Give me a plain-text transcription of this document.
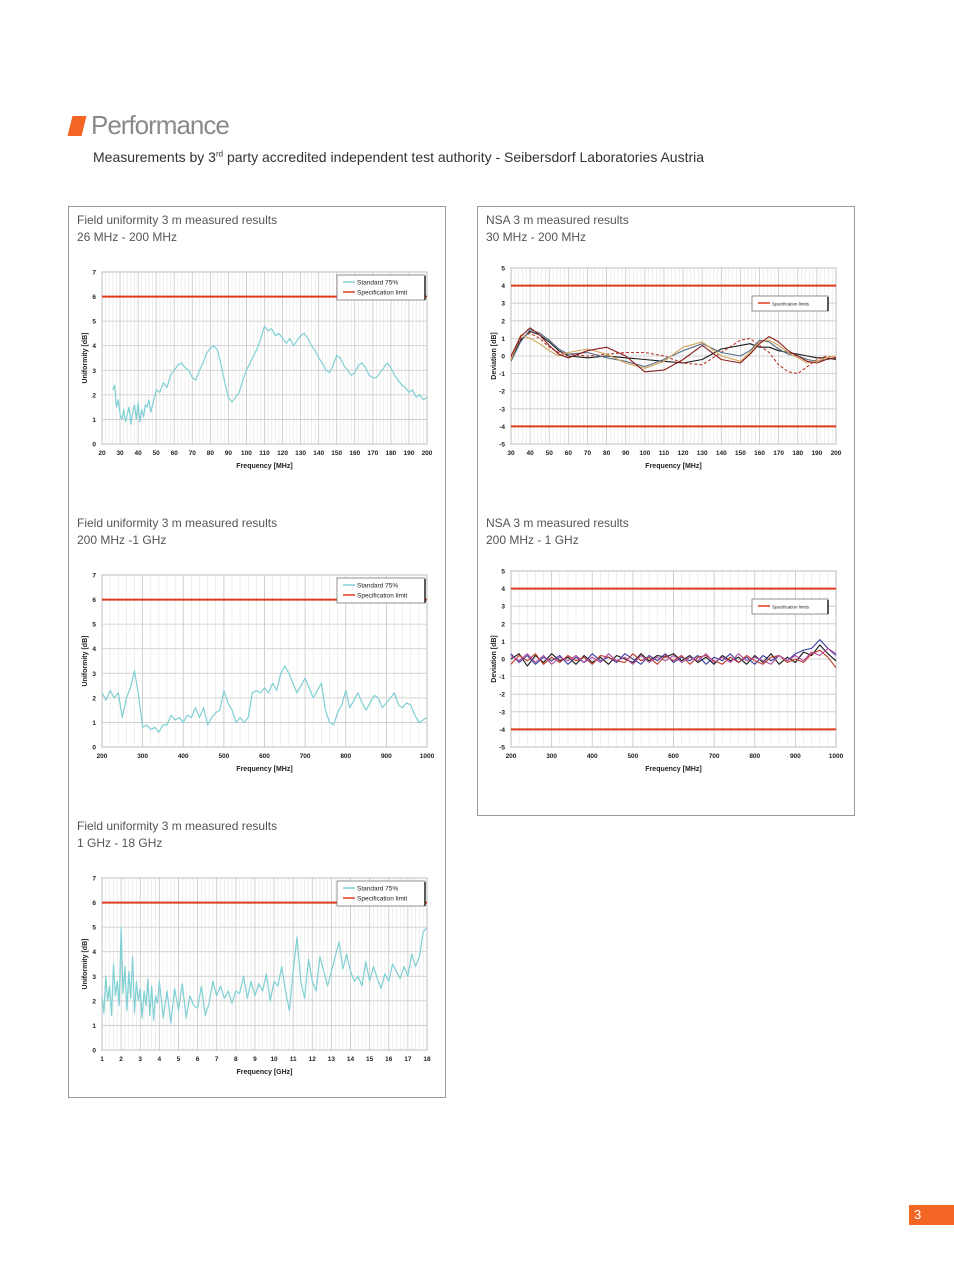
Performance
Measurements by 3rd party accredited independent test authority - Seibersdorf Laboratories Austria
Field uniformity 3 m measured results
26 MHz - 200 MHz
20 30 40 50 60 70 80 90 100 110 120 130 140 150 160 170 180 190 200
0
1
2
3
4
5
6
7
Frequency [MHz]
Uniformity [dB]
Standard 75%
Specification limit
Field uniformity 3 m measured results
200 MHz -1 GHz
200	300	400	500	600	700	800	900	1000
0
1
2
3
4
5
6
7
Frequency [MHz]
Uniformity [dB]
Standard 75%
Specification limit
Field uniformity 3 m measured results
1 GHz - 18 GHz
1 2 3 4 5 6 7 8 9 10 11 12 13 14 15 16 17 18
0
1
2
3
4
5
6
7
Frequency [GHz]
Uniformity [dB]
Standard 75%
Specification limit
NSA 3 m measured results
30 MHz - 200 MHz
30 40 50 60 70 80 90 100 110 120 130 140 150 160 170 180 190 200
-5
-4
-3
-2
-1
0
1
2
3
4
5
Frequency [MHz]
Deviation [dB]
Specification limits
NSA 3 m measured results
200 MHz - 1 GHz
200	300	400	500	600	700	800	900	1000
-5
-4
-3
-2
-1
0
1
2
3
4
5
Frequency [MHz]
Deviation [dB]
Specification limits
3
